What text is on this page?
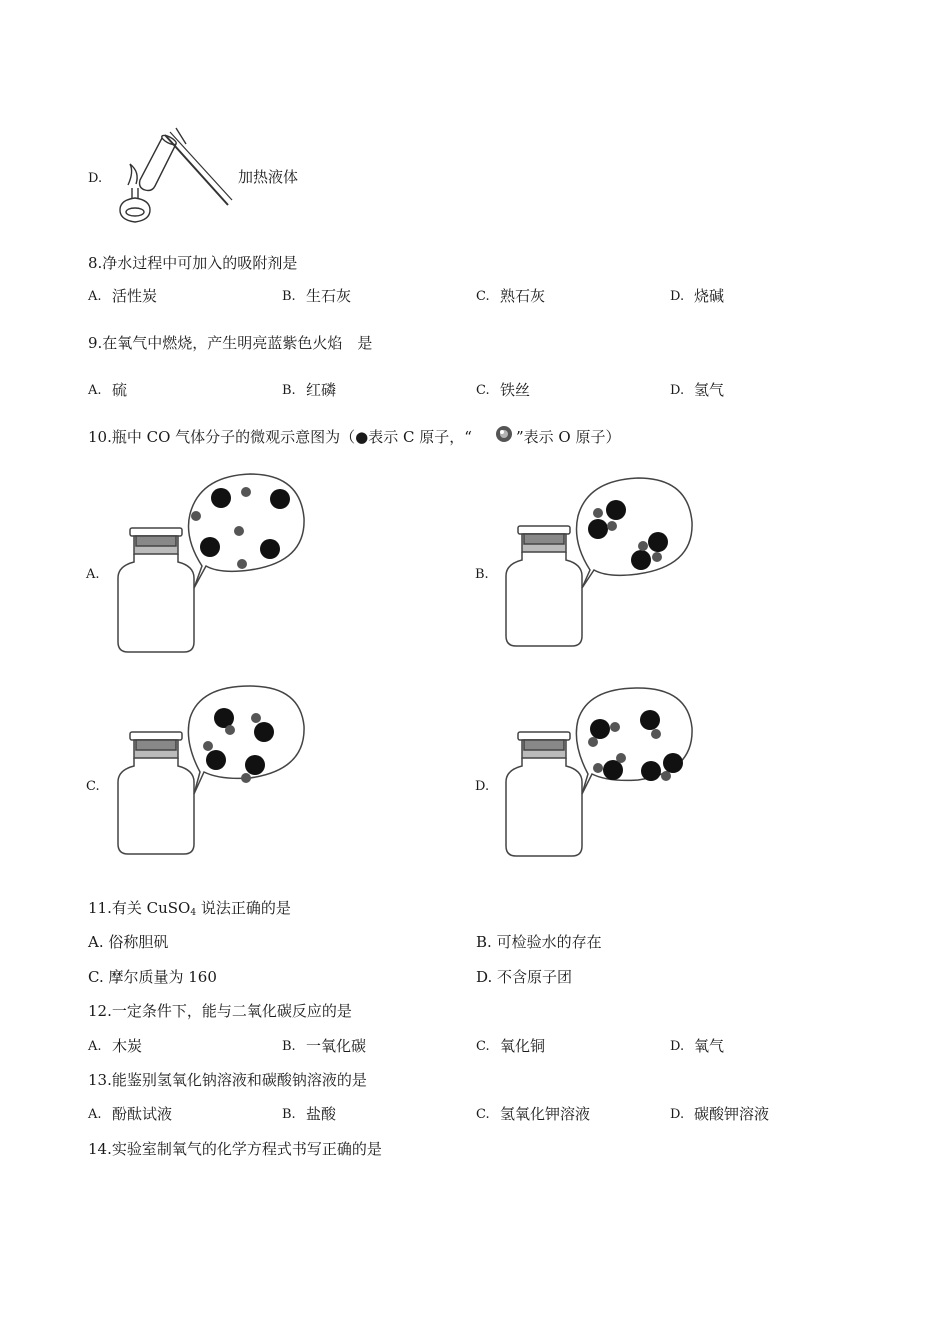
D.	加热液体
8.净水过程中可加入的吸附剂是
A. 活性炭	B. 生石灰	C. 熟石灰	D. 烧碱
9.在氧气中燃烧，产生明亮蓝紫色火焰　是
A. 硫	B. 红磷	C. 铁丝	D. 氢气
10.瓶中 CO 气体分子的微观示意图为（●表示 C 原子，“	”表示 O 原子）
A.	B.
C.	D.
11.有关 CuSO$_4$ 说法正确的是
A. 俗称胆矾	B. 可检验水的存在
C. 摩尔质量为 160	D. 不含原子团
12.一定条件下，能与二氧化碳反应的是
A. 木炭	B. 一氧化碳	C. 氧化铜	D. 氧气
13.能鉴别氢氧化钠溶液和碳酸钠溶液的是
A. 酚酞试液	B. 盐酸	C. 氢氧化钾溶液	D. 碳酸钾溶液
14.实验室制氧气的化学方程式书写正确的是
